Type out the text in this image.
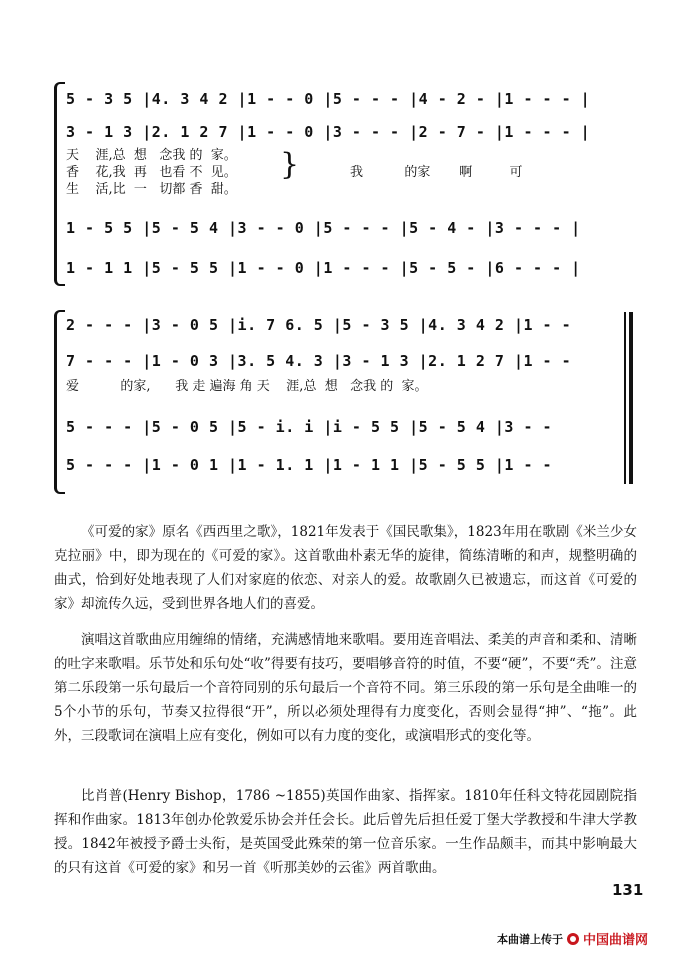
5 - 3 5 |4. 3 4 2 |1 - - 0 |5 - - - |4 - 2 - |1 - - - |
3 - 1 3 |2. 1 2 7 |1 - - 0 |3 - - - |2 - 7 - |1 - - - |
天    涯,总  想   念我 的  家。
香    花,我  再   也看 不  见。
生    活,比  一   切都 香  甜。
}	我          的家       啊         可
1 - 5 5 |5 - 5 4 |3 - - 0 |5 - - - |5 - 4 - |3 - - - |
1 - 1 1 |5 - 5 5 |1 - - 0 |1 - - - |5 - 5 - |6 - - - |
2 - - - |3 - 0 5 |i. 7 6. 5 |5 - 3 5 |4. 3 4 2 |1 - -
7 - - - |1 - 0 3 |3. 5 4. 3 |3 - 1 3 |2. 1 2 7 |1 - -
爱          的家,      我 走 遍海 角 天    涯,总  想   念我 的  家。
5 - - - |5 - 0 5 |5 - i. i |i - 5 5 |5 - 5 4 |3 - -
5 - - - |1 - 0 1 |1 - 1. 1 |1 - 1 1 |5 - 5 5 |1 - -

《可爱的家》原名《西西里之歌》，1821年发表于《国民歌集》，1823年用在歌剧《米兰少女克拉丽》中，即为现在的《可爱的家》。这首歌曲朴素无华的旋律，简练清晰的和声，规整明确的曲式，恰到好处地表现了人们对家庭的依恋、对亲人的爱。故歌剧久已被遗忘，而这首《可爱的家》却流传久远，受到世界各地人们的喜爱。

演唱这首歌曲应用缠绵的情绪，充满感情地来歌唱。要用连音唱法、柔美的声音和柔和、清晰的吐字来歌唱。乐节处和乐句处“收”得要有技巧，要唱够音符的时值，不要“硬”，不要“秃”。注意第二乐段第一乐句最后一个音符同别的乐句最后一个音符不同。第三乐段的第一乐句是全曲唯一的5个小节的乐句，节奏又拉得很“开”，所以必须处理得有力度变化，否则会显得“抻”、“拖”。此外，三段歌词在演唱上应有变化，例如可以有力度的变化，或演唱形式的变化等。

比肖普(Henry Bishop，1786 ~1855)英国作曲家、指挥家。1810年任科文特花园剧院指挥和作曲家。1813年创办伦敦爱乐协会并任会长。此后曾先后担任爱丁堡大学教授和牛津大学教授。1842年被授予爵士头衔，是英国受此殊荣的第一位音乐家。一生作品颇丰，而其中影响最大的只有这首《可爱的家》和另一首《听那美妙的云雀》两首歌曲。

131
本曲谱上传于 中国曲谱网
